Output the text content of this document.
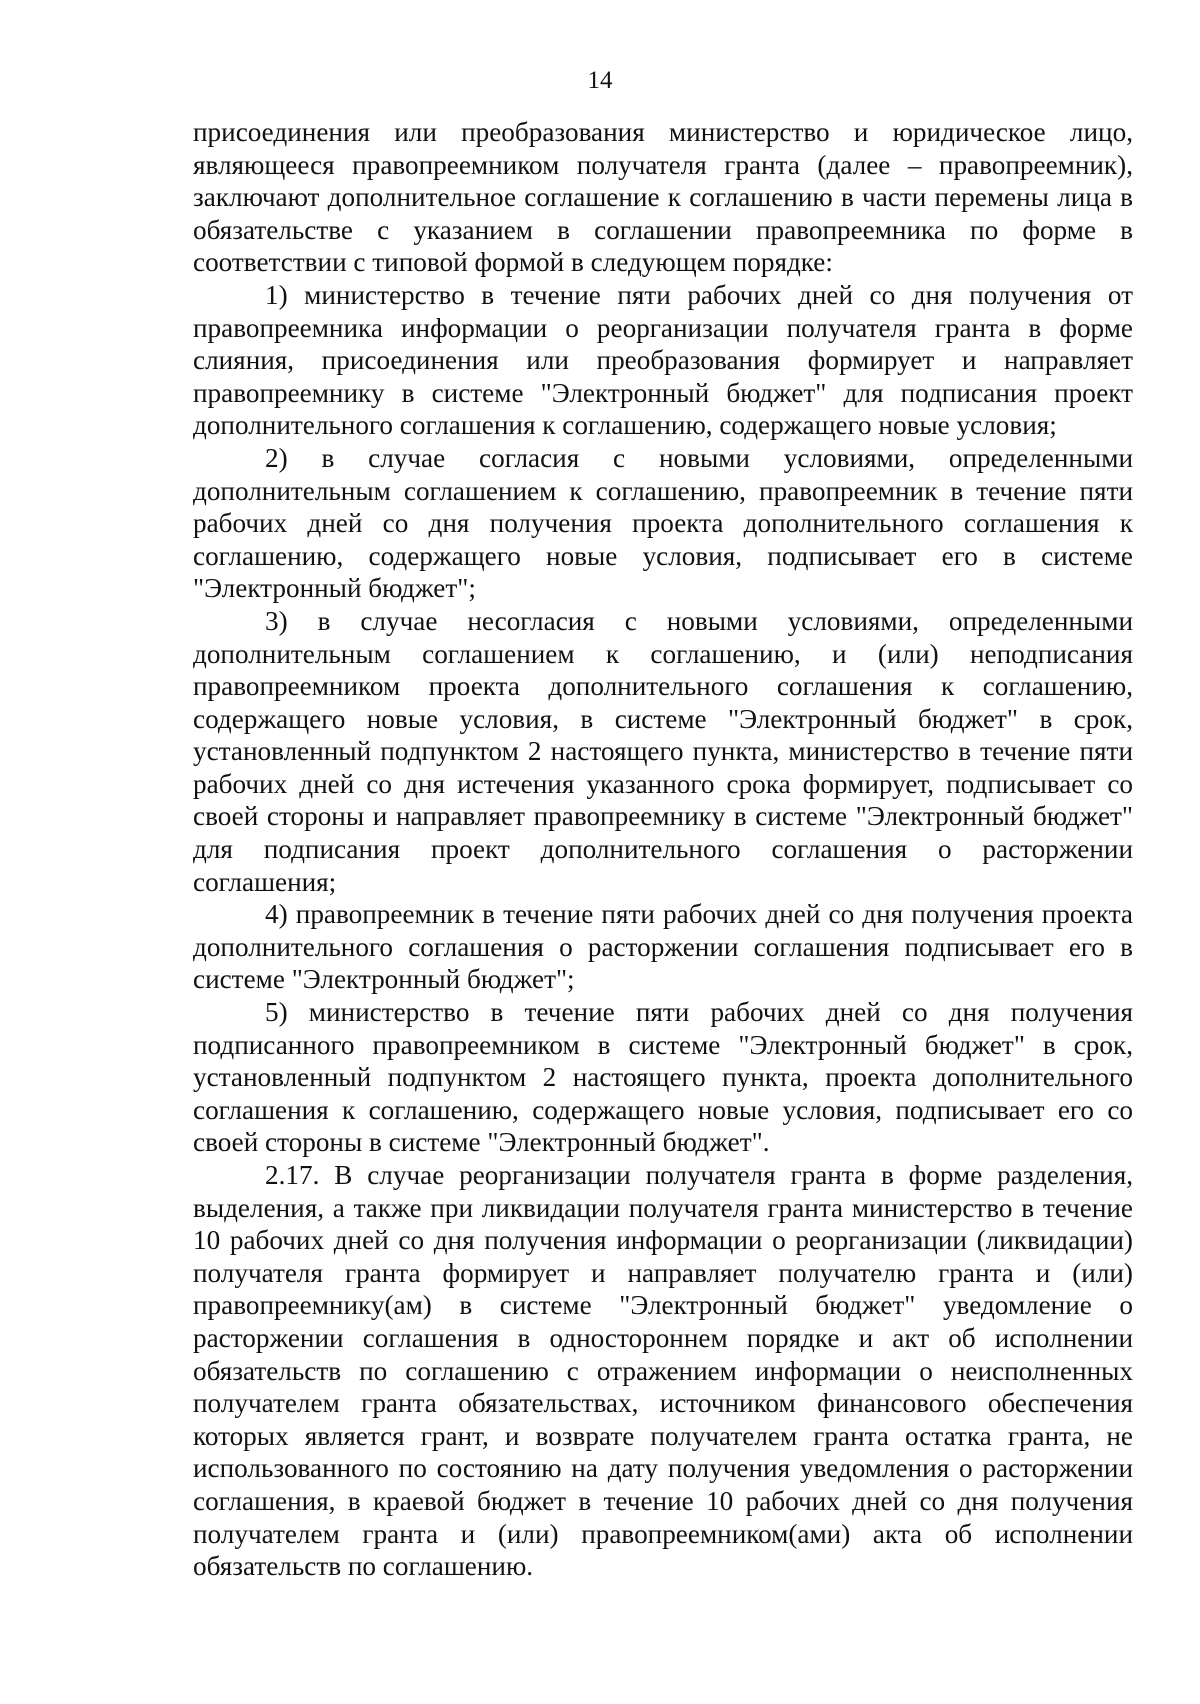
14

присоединения или преобразования министерство и юридическое лицо, являющееся правопреемником получателя гранта (далее – правопреемник), заключают дополнительное соглашение к соглашению в части перемены лица в обязательстве с указанием в соглашении правопреемника по форме в соответствии с типовой формой в следующем порядке:

1) министерство в течение пяти рабочих дней со дня получения от правопреемника информации о реорганизации получателя гранта в форме слияния, присоединения или преобразования формирует и направляет правопреемнику в системе "Электронный бюджет" для подписания проект дополнительного соглашения к соглашению, содержащего новые условия;

2) в случае согласия с новыми условиями, определенными дополнительным соглашением к соглашению, правопреемник в течение пяти рабочих дней со дня получения проекта дополнительного соглашения к соглашению, содержащего новые условия, подписывает его в системе "Электронный бюджет";

3) в случае несогласия с новыми условиями, определенными дополнительным соглашением к соглашению, и (или) неподписания правопреемником проекта дополнительного соглашения к соглашению, содержащего новые условия, в системе "Электронный бюджет" в срок, установленный подпунктом 2 настоящего пункта, министерство в течение пяти рабочих дней со дня истечения указанного срока формирует, подписывает со своей стороны и направляет правопреемнику в системе "Электронный бюджет" для подписания проект дополнительного соглашения о расторжении соглашения;

4) правопреемник в течение пяти рабочих дней со дня получения проекта дополнительного соглашения о расторжении соглашения подписывает его в системе "Электронный бюджет";

5) министерство в течение пяти рабочих дней со дня получения подписанного правопреемником в системе "Электронный бюджет" в срок, установленный подпунктом 2 настоящего пункта, проекта дополнительного соглашения к соглашению, содержащего новые условия, подписывает его со своей стороны в системе "Электронный бюджет".

2.17. В случае реорганизации получателя гранта в форме разделения, выделения, а также при ликвидации получателя гранта министерство в течение 10 рабочих дней со дня получения информации о реорганизации (ликвидации) получателя гранта формирует и направляет получателю гранта и (или) правопреемнику(ам) в системе "Электронный бюджет" уведомление о расторжении соглашения в одностороннем порядке и акт об исполнении обязательств по соглашению с отражением информации о неисполненных получателем гранта обязательствах, источником финансового обеспечения которых является грант, и возврате получателем гранта остатка гранта, не использованного по состоянию на дату получения уведомления о расторжении соглашения, в краевой бюджет в течение 10 рабочих дней со дня получения получателем гранта и (или) правопреемником(ами) акта об исполнении обязательств по соглашению.
